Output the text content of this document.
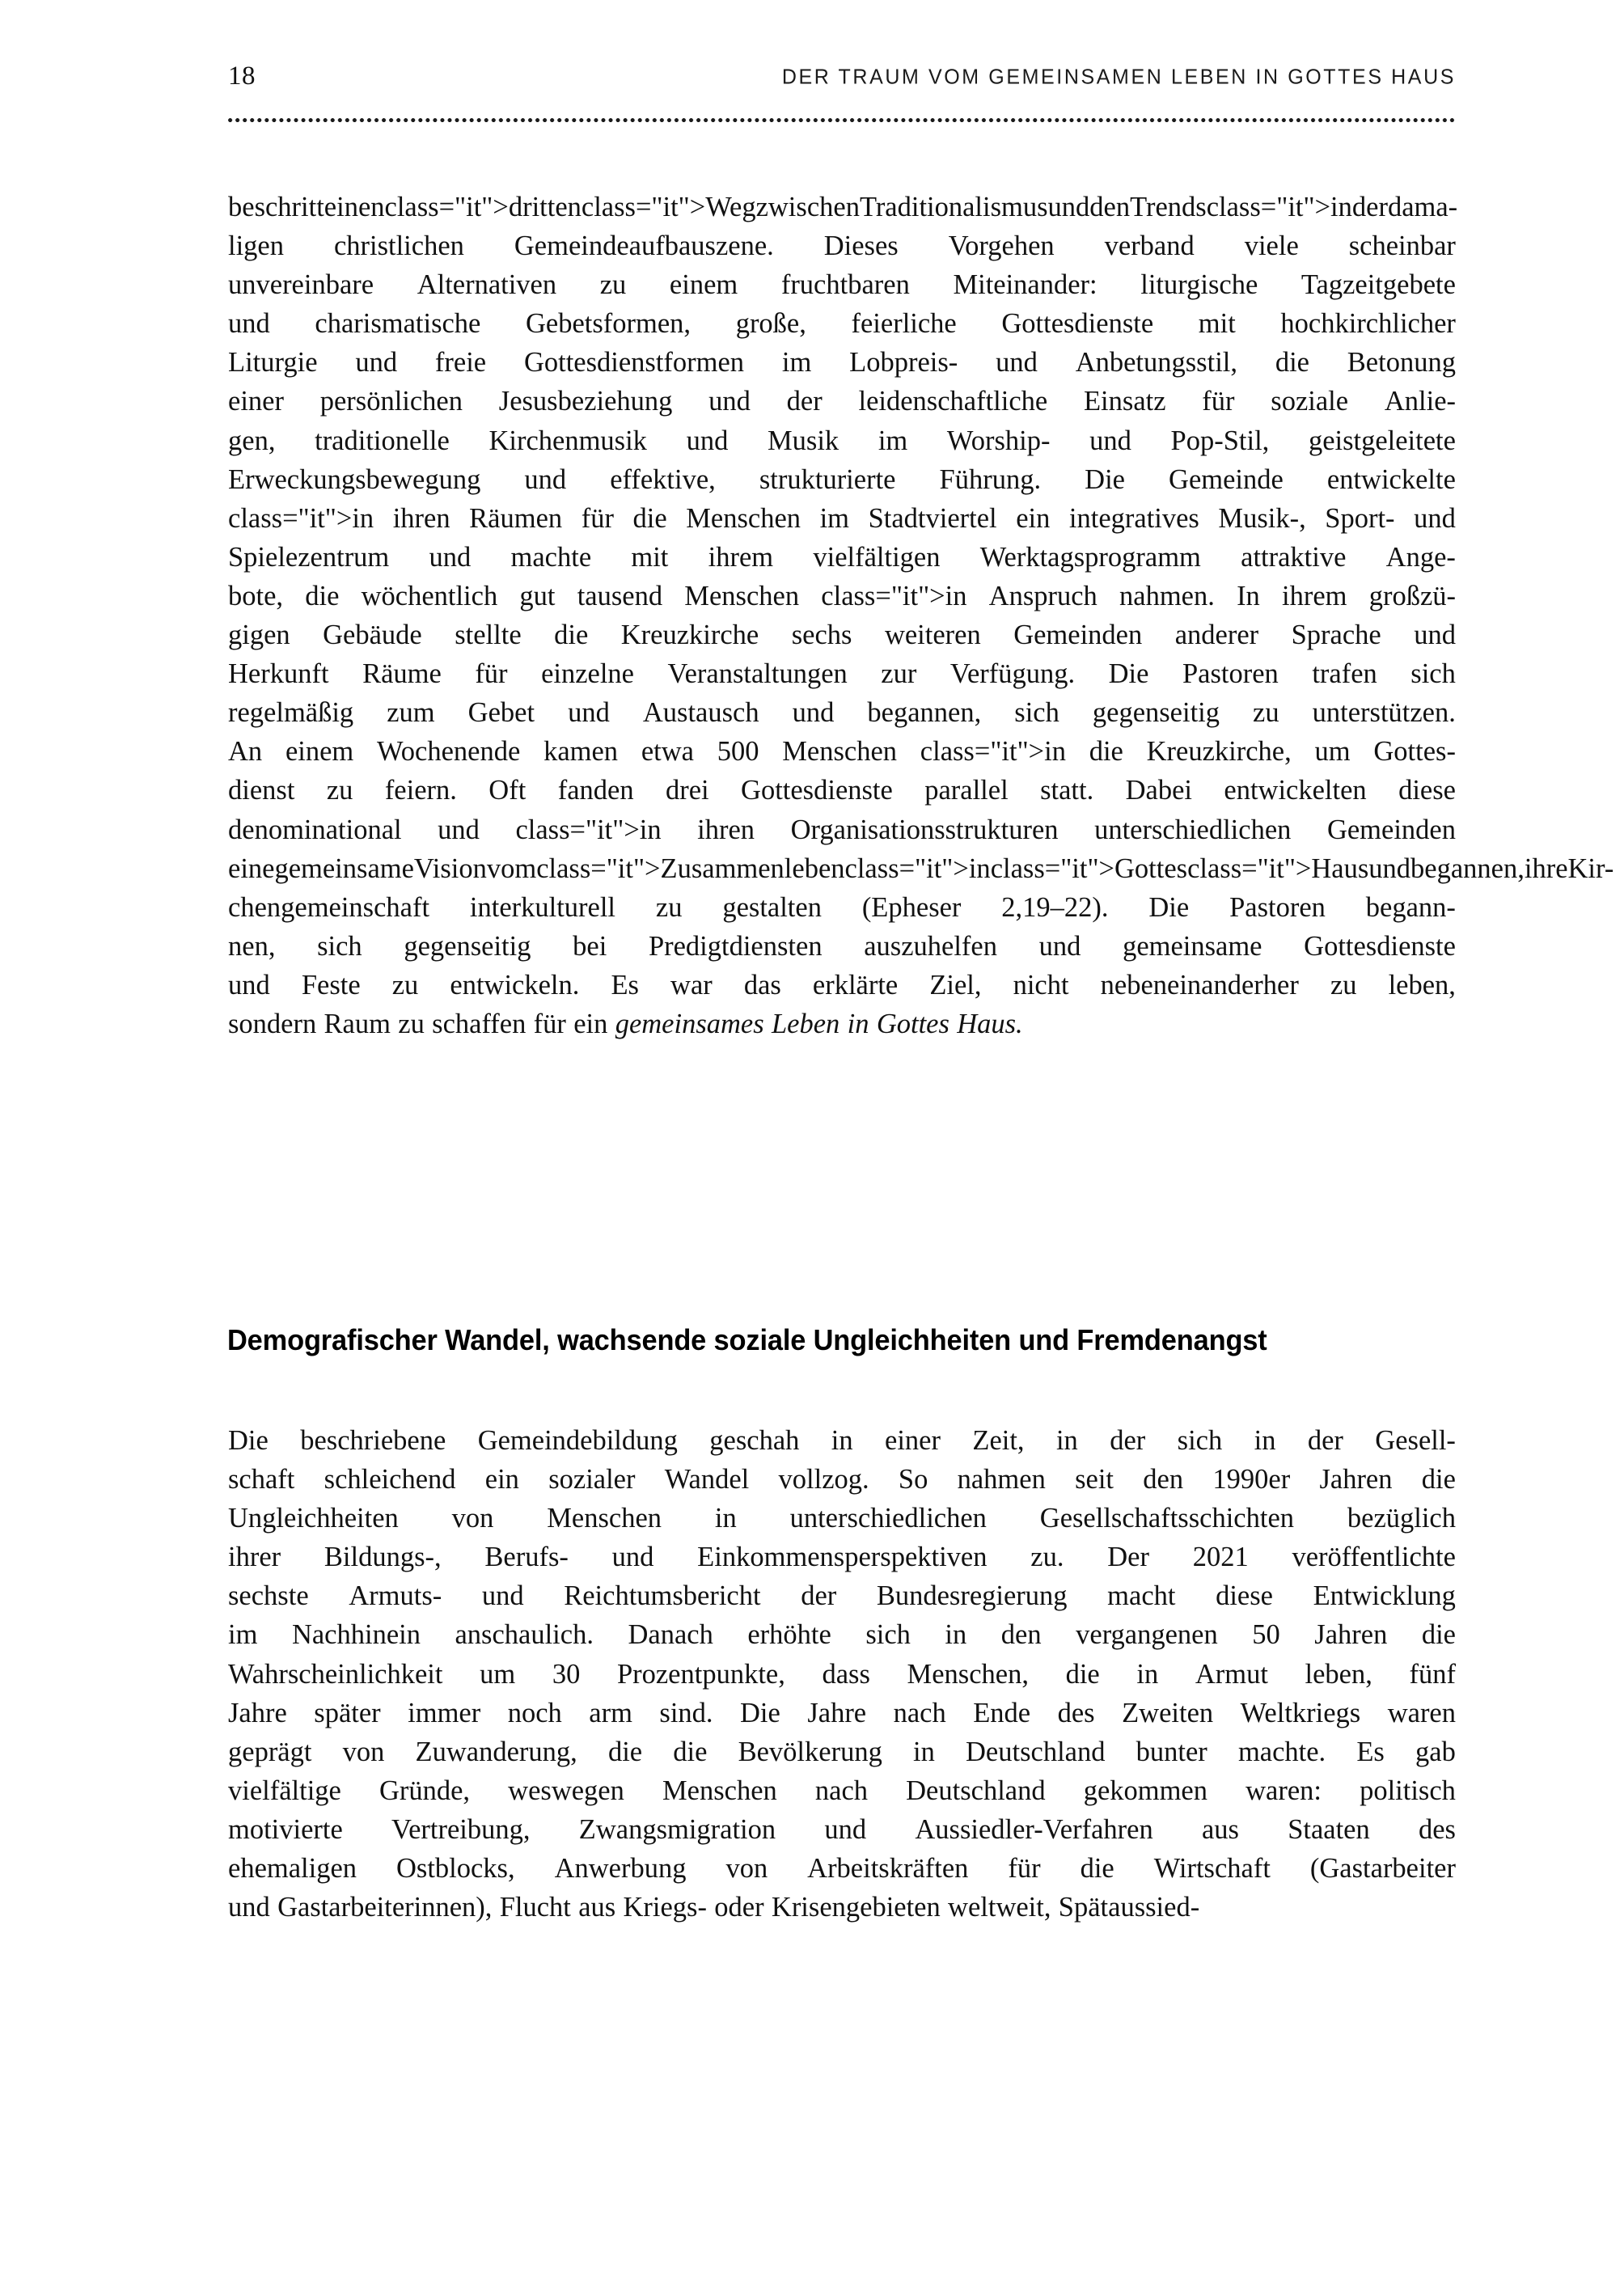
18	DER TRAUM VOM GEMEINSAMEN LEBEN IN GOTTES HAUS
beschritt einen class="it">dritten class="it">Weg zwischen Traditionalismus und den Trends class="it">in der dama-
ligen christlichen Gemeindeaufbauszene. Dieses Vorgehen verband viele scheinbar
unvereinbare Alternativen zu einem fruchtbaren Miteinander: liturgische Tagzeitgebete
und charismatische Gebetsformen, große, feierliche Gottesdienste mit hochkirchlicher
Liturgie und freie Gottesdienstformen im Lobpreis- und Anbetungsstil, die Betonung
einer persönlichen Jesusbeziehung und der leidenschaftliche Einsatz für soziale Anlie-
gen, traditionelle Kirchenmusik und Musik im Worship- und Pop-Stil, geistgeleitete
Erweckungsbewegung und effektive, strukturierte Führung. Die Gemeinde entwickelte
class="it">in ihren Räumen für die Menschen im Stadtviertel ein integratives Musik-, Sport- und
Spielezentrum und machte mit ihrem vielfältigen Werktagsprogramm attraktive Ange-
bote, die wöchentlich gut tausend Menschen class="it">in Anspruch nahmen. In ihrem großzü-
gigen Gebäude stellte die Kreuzkirche sechs weiteren Gemeinden anderer Sprache und
Herkunft Räume für einzelne Veranstaltungen zur Verfügung. Die Pastoren trafen sich
regelmäßig zum Gebet und Austausch und begannen, sich gegenseitig zu unterstützen.
An einem Wochenende kamen etwa 500 Menschen class="it">in die Kreuzkirche, um Gottes-
dienst zu feiern. Oft fanden drei Gottesdienste parallel statt. Dabei entwickelten diese
denominational und class="it">in ihren Organisationsstrukturen unterschiedlichen Gemeinden
eine gemeinsame Vision vom class="it">Zusammenleben class="it">in class="it">Gottes class="it">Haus und begannen, ihre Kir-
chengemeinschaft interkulturell zu gestalten (Epheser 2,19–22). Die Pastoren begann-
nen, sich gegenseitig bei Predigtdiensten auszuhelfen und gemeinsame Gottesdienste
und Feste zu entwickeln. Es war das erklärte Ziel, nicht nebeneinanderher zu leben,
sondern Raum zu schaffen für ein gemeinsames Leben in Gottes Haus.
Demografischer Wandel, wachsende soziale Ungleichheiten und Fremdenangst
Die beschriebene Gemeindebildung geschah in einer Zeit, in der sich in der Gesell-
schaft schleichend ein sozialer Wandel vollzog. So nahmen seit den 1990er Jahren die
Ungleichheiten von Menschen in unterschiedlichen Gesellschaftsschichten bezüglich
ihrer Bildungs-, Berufs- und Einkommensperspektiven zu. Der 2021 veröffentlichte
sechste Armuts- und Reichtumsbericht der Bundesregierung macht diese Entwicklung
im Nachhinein anschaulich. Danach erhöhte sich in den vergangenen 50 Jahren die
Wahrscheinlichkeit um 30 Prozentpunkte, dass Menschen, die in Armut leben, fünf
Jahre später immer noch arm sind. Die Jahre nach Ende des Zweiten Weltkriegs waren
geprägt von Zuwanderung, die die Bevölkerung in Deutschland bunter machte. Es gab
vielfältige Gründe, weswegen Menschen nach Deutschland gekommen waren: politisch
motivierte Vertreibung, Zwangsmigration und Aussiedler-Verfahren aus Staaten des
ehemaligen Ostblocks, Anwerbung von Arbeitskräften für die Wirtschaft (Gastarbeiter
und Gastarbeiterinnen), Flucht aus Kriegs- oder Krisengebieten weltweit, Spätaussied-
